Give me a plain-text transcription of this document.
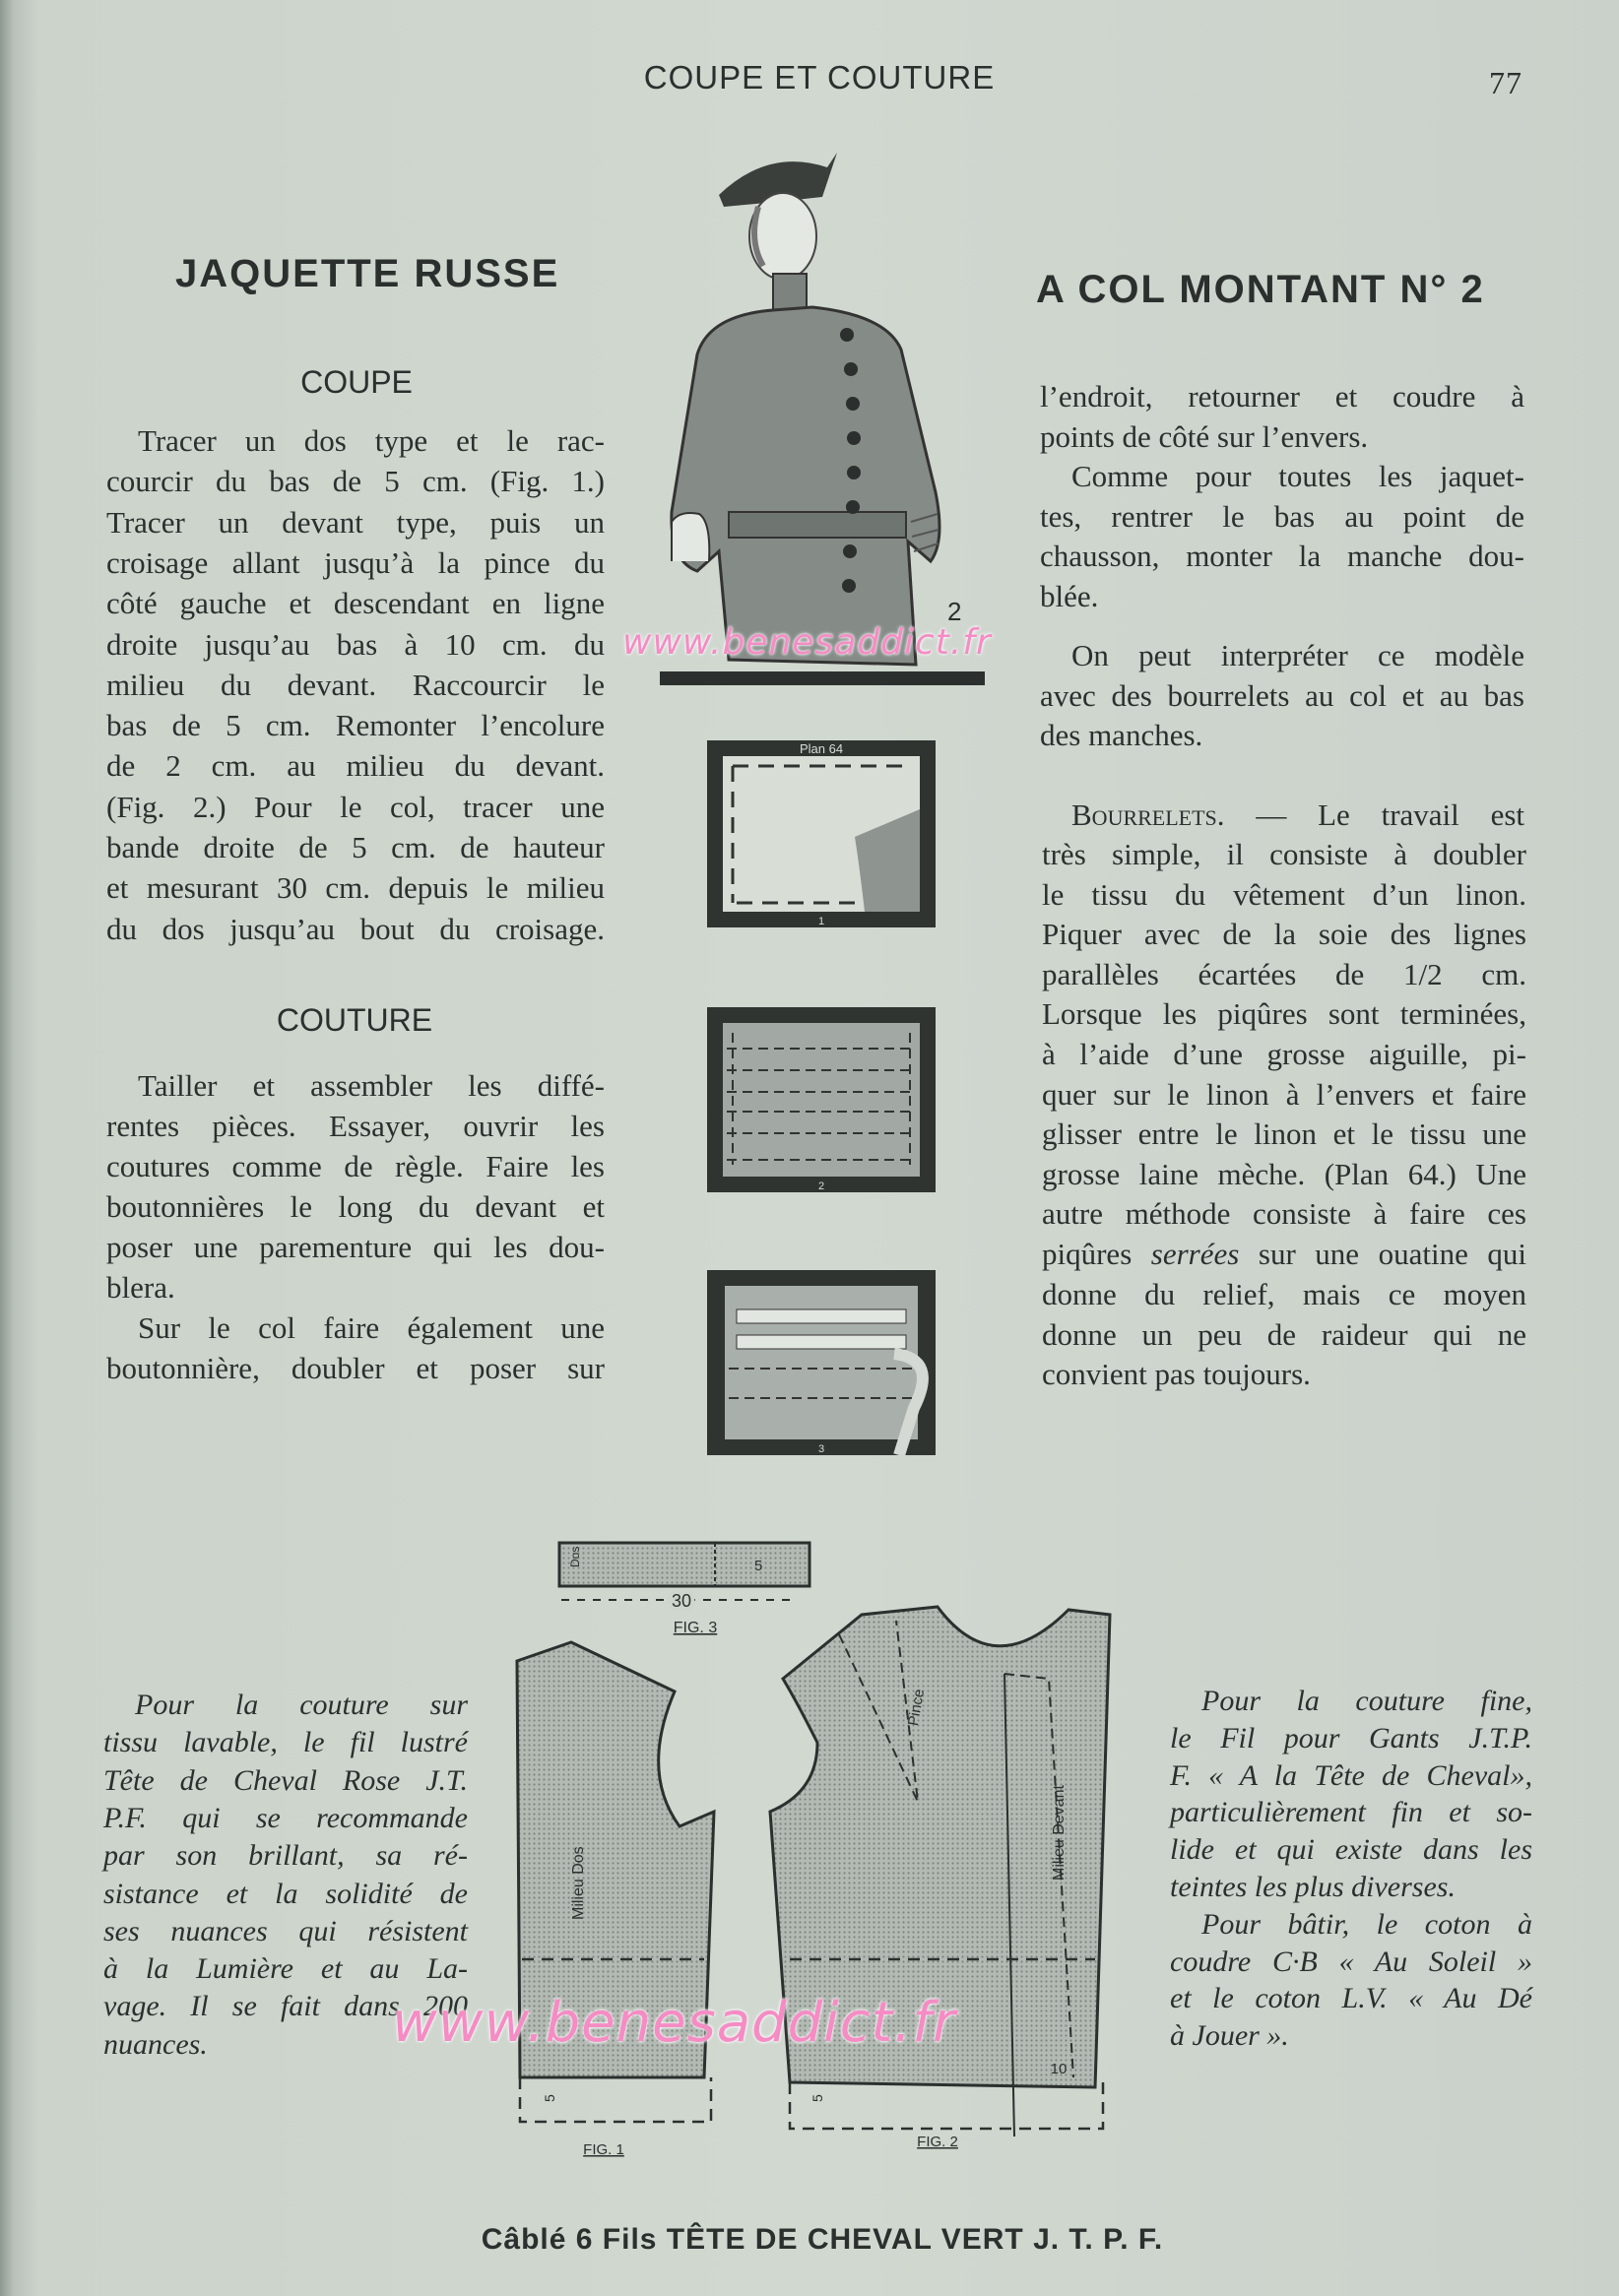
COUPE ET COUTURE	77
JAQUETTE RUSSE	A COL MONTANT N° 2
COUPE
COUTURE
Tracer un dos type et le rac-
courcir du bas de 5 cm. (Fig. 1.)
Tracer un devant type, puis un
croisage allant jusqu’à la pince du
côté gauche et descendant en ligne
droite jusqu’au bas à 10 cm. du
milieu du devant. Raccourcir le
bas de 5 cm. Remonter l’encolure
de 2 cm. au milieu du devant.
(Fig. 2.) Pour le col, tracer une
bande droite de 5 cm. de hauteur
et mesurant 30 cm. depuis le milieu
du dos jusqu’au bout du croisage.
Tailler et assembler les diffé-
rentes pièces. Essayer, ouvrir les
coutures comme de règle. Faire les
boutonnières le long du devant et
poser une parementure qui les dou-
blera.
Sur le col faire également une
boutonnière, doubler et poser sur
l’endroit, retourner et coudre à
points de côté sur l’envers.
Comme pour toutes les jaquet-
tes, rentrer le bas au point de
chausson, monter la manche dou-
blée.
On peut interpréter ce modèle
avec des bourrelets au col et au bas
des manches.
très simple, il consiste à doubler
le tissu du vêtement d’un linon.
Piquer avec de la soie des lignes
parallèles écartées de 1/2 cm.
Lorsque les piqûres sont terminées,
à l’aide d’une grosse aiguille, pi-
quer sur le linon à l’envers et faire
glisser entre le linon et le tissu une
grosse laine mèche. (Plan 64.) Une
autre méthode consiste à faire ces
donne du relief, mais ce moyen
donne un peu de raideur qui ne
convient pas toujours.
Pour la couture sur
tissu lavable, le fil lustré
Tête de Cheval Rose J.T.
P.F. qui se recommande
par son brillant, sa ré-
sistance et la solidité de
ses nuances qui résistent
à la Lumière et au La-
vage. Il se fait dans 200
nuances.
Pour la couture fine,
le Fil pour Gants J.T.P.
F. « A la Tête de Cheval»,
particulièrement fin et so-
lide et qui existe dans les
teintes les plus diverses.
Pour bâtir, le coton à
coudre C·B « Au Soleil »
et le coton L.V. « Au Dé
à Jouer ».
Bourrelets. — Le travail est
piqûres serrées sur une ouatine qui
2
Plan 64
1
2
3
Dos	5
30
FIG. 3
Milieu Dos
5
FIG. 1
Pince
Milieu Devant
10
5
FIG. 2
www.benesaddict.fr
www.benesaddict.fr
Câblé 6 Fils TÊTE DE CHEVAL VERT J. T. P. F.
